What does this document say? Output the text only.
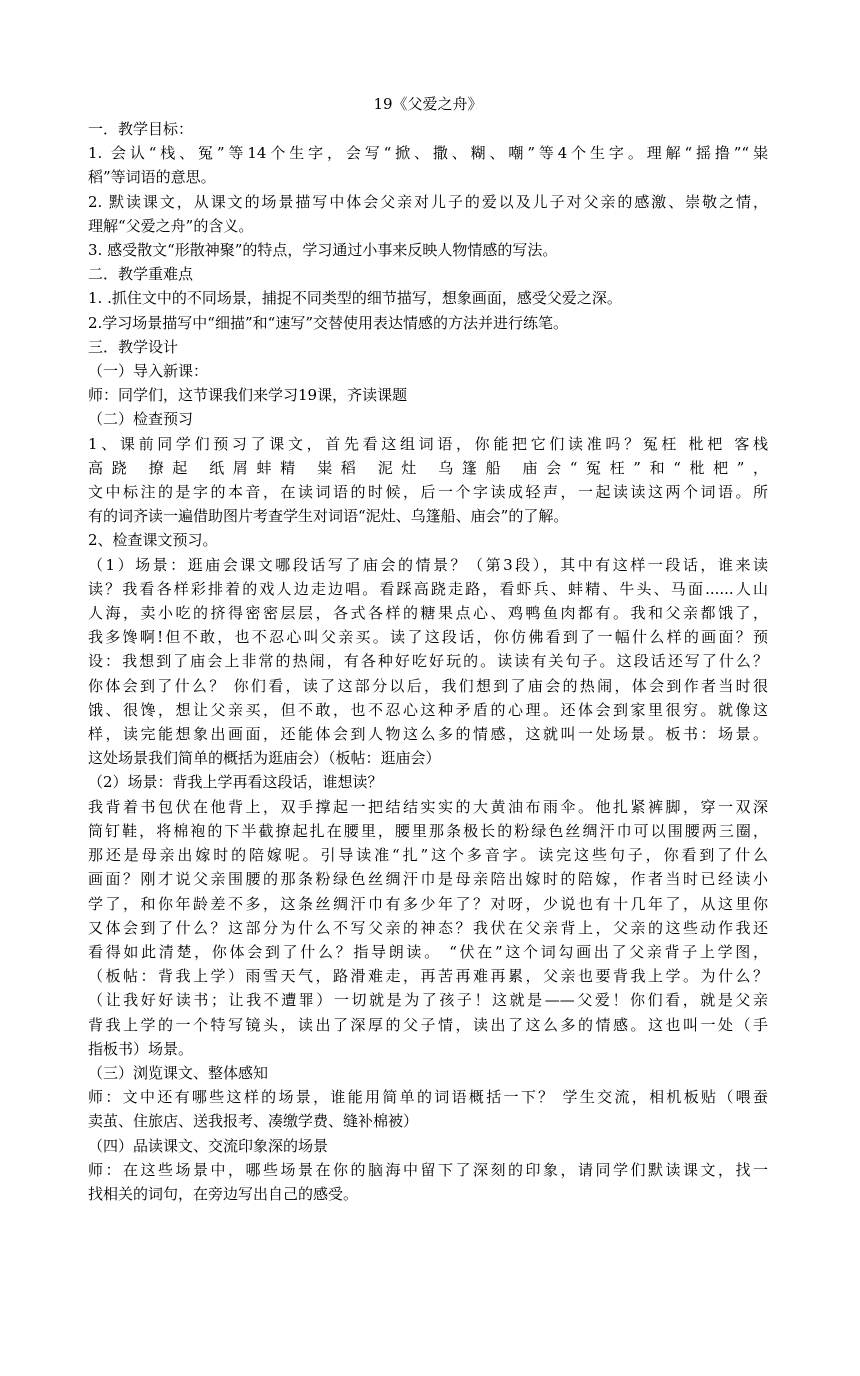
19《父爱之舟》
一．教学目标：
1. 会认“栈、冤”等14个生字，会写“掀、撒、糊、嘲”等4个生字。理解“摇撸”“粜
稻”等词语的意思。
2. 默读课文，从课文的场景描写中体会父亲对儿子的爱以及儿子对父亲的感激、崇敬之情，
理解“父爱之舟”的含义。
3. 感受散文“形散神聚”的特点，学习通过小事来反映人物情感的写法。
二．教学重难点
1. .抓住文中的不同场景，捕捉不同类型的细节描写，想象画面，感受父爱之深。
2.学习场景描写中“细描”和“速写”交替使用表达情感的方法并进行练笔。
三．教学设计
（一）导入新课：
师：同学们，这节课我们来学习19课，齐读课题
（二）检查预习
1、课前同学们预习了课文，首先看这组词语，你能把它们读准吗？冤枉 枇杷 客栈
高跷 撩起 纸屑蚌精 粜稻 泥灶 乌篷船 庙会“冤枉”和“枇杷”，
文中标注的是字的本音，在读词语的时候，后一个字读成轻声，一起读读这两个词语。所
有的词齐读一遍借助图片考查学生对词语“泥灶、乌篷船、庙会”的了解。
2、检查课文预习。
（1）场景：逛庙会课文哪段话写了庙会的情景？（第3段），其中有这样一段话，谁来读
读？我看各样彩排着的戏人边走边唱。看踩高跷走路，看虾兵、蚌精、牛头、马面......人山
人海，卖小吃的挤得密密层层，各式各样的糖果点心、鸡鸭鱼肉都有。我和父亲都饿了，
我多馋啊!但不敢，也不忍心叫父亲买。读了这段话，你仿佛看到了一幅什么样的画面？预
设：我想到了庙会上非常的热闹，有各种好吃好玩的。读读有关句子。这段话还写了什么？
你体会到了什么？ 你们看，读了这部分以后，我们想到了庙会的热闹，体会到作者当时很
饿、很馋，想让父亲买，但不敢，也不忍心这种矛盾的心理。还体会到家里很穷。就像这
样，读完能想象出画面，还能体会到人物这么多的情感，这就叫一处场景。板书：场景。
这处场景我们简单的概括为逛庙会）（板帖：逛庙会）
（2）场景：背我上学再看这段话，谁想读？
我背着书包伏在他背上，双手撑起一把结结实实的大黄油布雨伞。他扎紧裤脚，穿一双深
筒钉鞋，将棉袍的下半截撩起扎在腰里，腰里那条极长的粉绿色丝绸汗巾可以围腰两三圈，
那还是母亲出嫁时的陪嫁呢。引导读准“扎”这个多音字。读完这些句子，你看到了什么
画面？刚才说父亲围腰的那条粉绿色丝绸汗巾是母亲陪出嫁时的陪嫁，作者当时已经读小
学了，和你年龄差不多，这条丝绸汗巾有多少年了？对呀，少说也有十几年了，从这里你
又体会到了什么？这部分为什么不写父亲的神态？我伏在父亲背上，父亲的这些动作我还
看得如此清楚，你体会到了什么？指导朗读。 “伏在”这个词勾画出了父亲背子上学图，
（板帖：背我上学）雨雪天气，路滑难走，再苦再难再累，父亲也要背我上学。为什么？
（让我好好读书；让我不遭罪）一切就是为了孩子！这就是——父爱！你们看，就是父亲
背我上学的一个特写镜头，读出了深厚的父子情，读出了这么多的情感。这也叫一处（手
指板书）场景。
（三）浏览课文、整体感知
师：文中还有哪些这样的场景，谁能用简单的词语概括一下？ 学生交流，相机板贴（喂蚕
卖茧、住旅店、送我报考、凑缴学费、缝补棉被）
（四）品读课文、交流印象深的场景
师：在这些场景中，哪些场景在你的脑海中留下了深刻的印象，请同学们默读课文，找一
找相关的词句，在旁边写出自己的感受。
